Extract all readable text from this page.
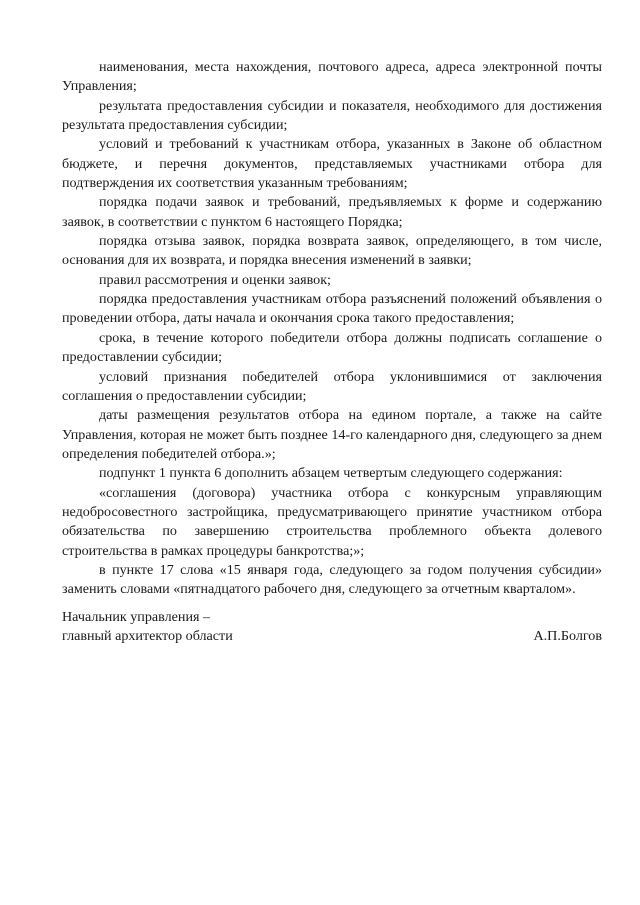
наименования, места нахождения, почтового адреса, адреса электронной почты Управления;

результата предоставления субсидии и показателя, необходимого для достижения результата предоставления субсидии;

условий и требований к участникам отбора, указанных в Законе об областном бюджете, и перечня документов, представляемых участниками отбора для подтверждения их соответствия указанным требованиям;

порядка подачи заявок и требований, предъявляемых к форме и содержанию заявок, в соответствии с пунктом 6 настоящего Порядка;

порядка отзыва заявок, порядка возврата заявок, определяющего, в том числе, основания для их возврата, и порядка внесения изменений в заявки;

правил рассмотрения и оценки заявок;

порядка предоставления участникам отбора разъяснений положений объявления о проведении отбора, даты начала и окончания срока такого предоставления;

срока, в течение которого победители отбора должны подписать соглашение о предоставлении субсидии;

условий признания победителей отбора уклонившимися от заключения соглашения о предоставлении субсидии;

даты размещения результатов отбора на едином портале, а также на сайте Управления, которая не может быть позднее 14-го календарного дня, следующего за днем определения победителей отбора.»;

подпункт 1 пункта 6 дополнить абзацем четвертым следующего содержания:

«соглашения (договора) участника отбора с конкурсным управляющим недобросовестного застройщика, предусматривающего принятие участником отбора обязательства по завершению строительства проблемного объекта долевого строительства в рамках процедуры банкротства;»;

в пункте 17 слова «15 января года, следующего за годом получения субсидии» заменить словами «пятнадцатого рабочего дня, следующего за отчетным кварталом».

Начальник управления –
главный архитектор области	А.П.Болгов
